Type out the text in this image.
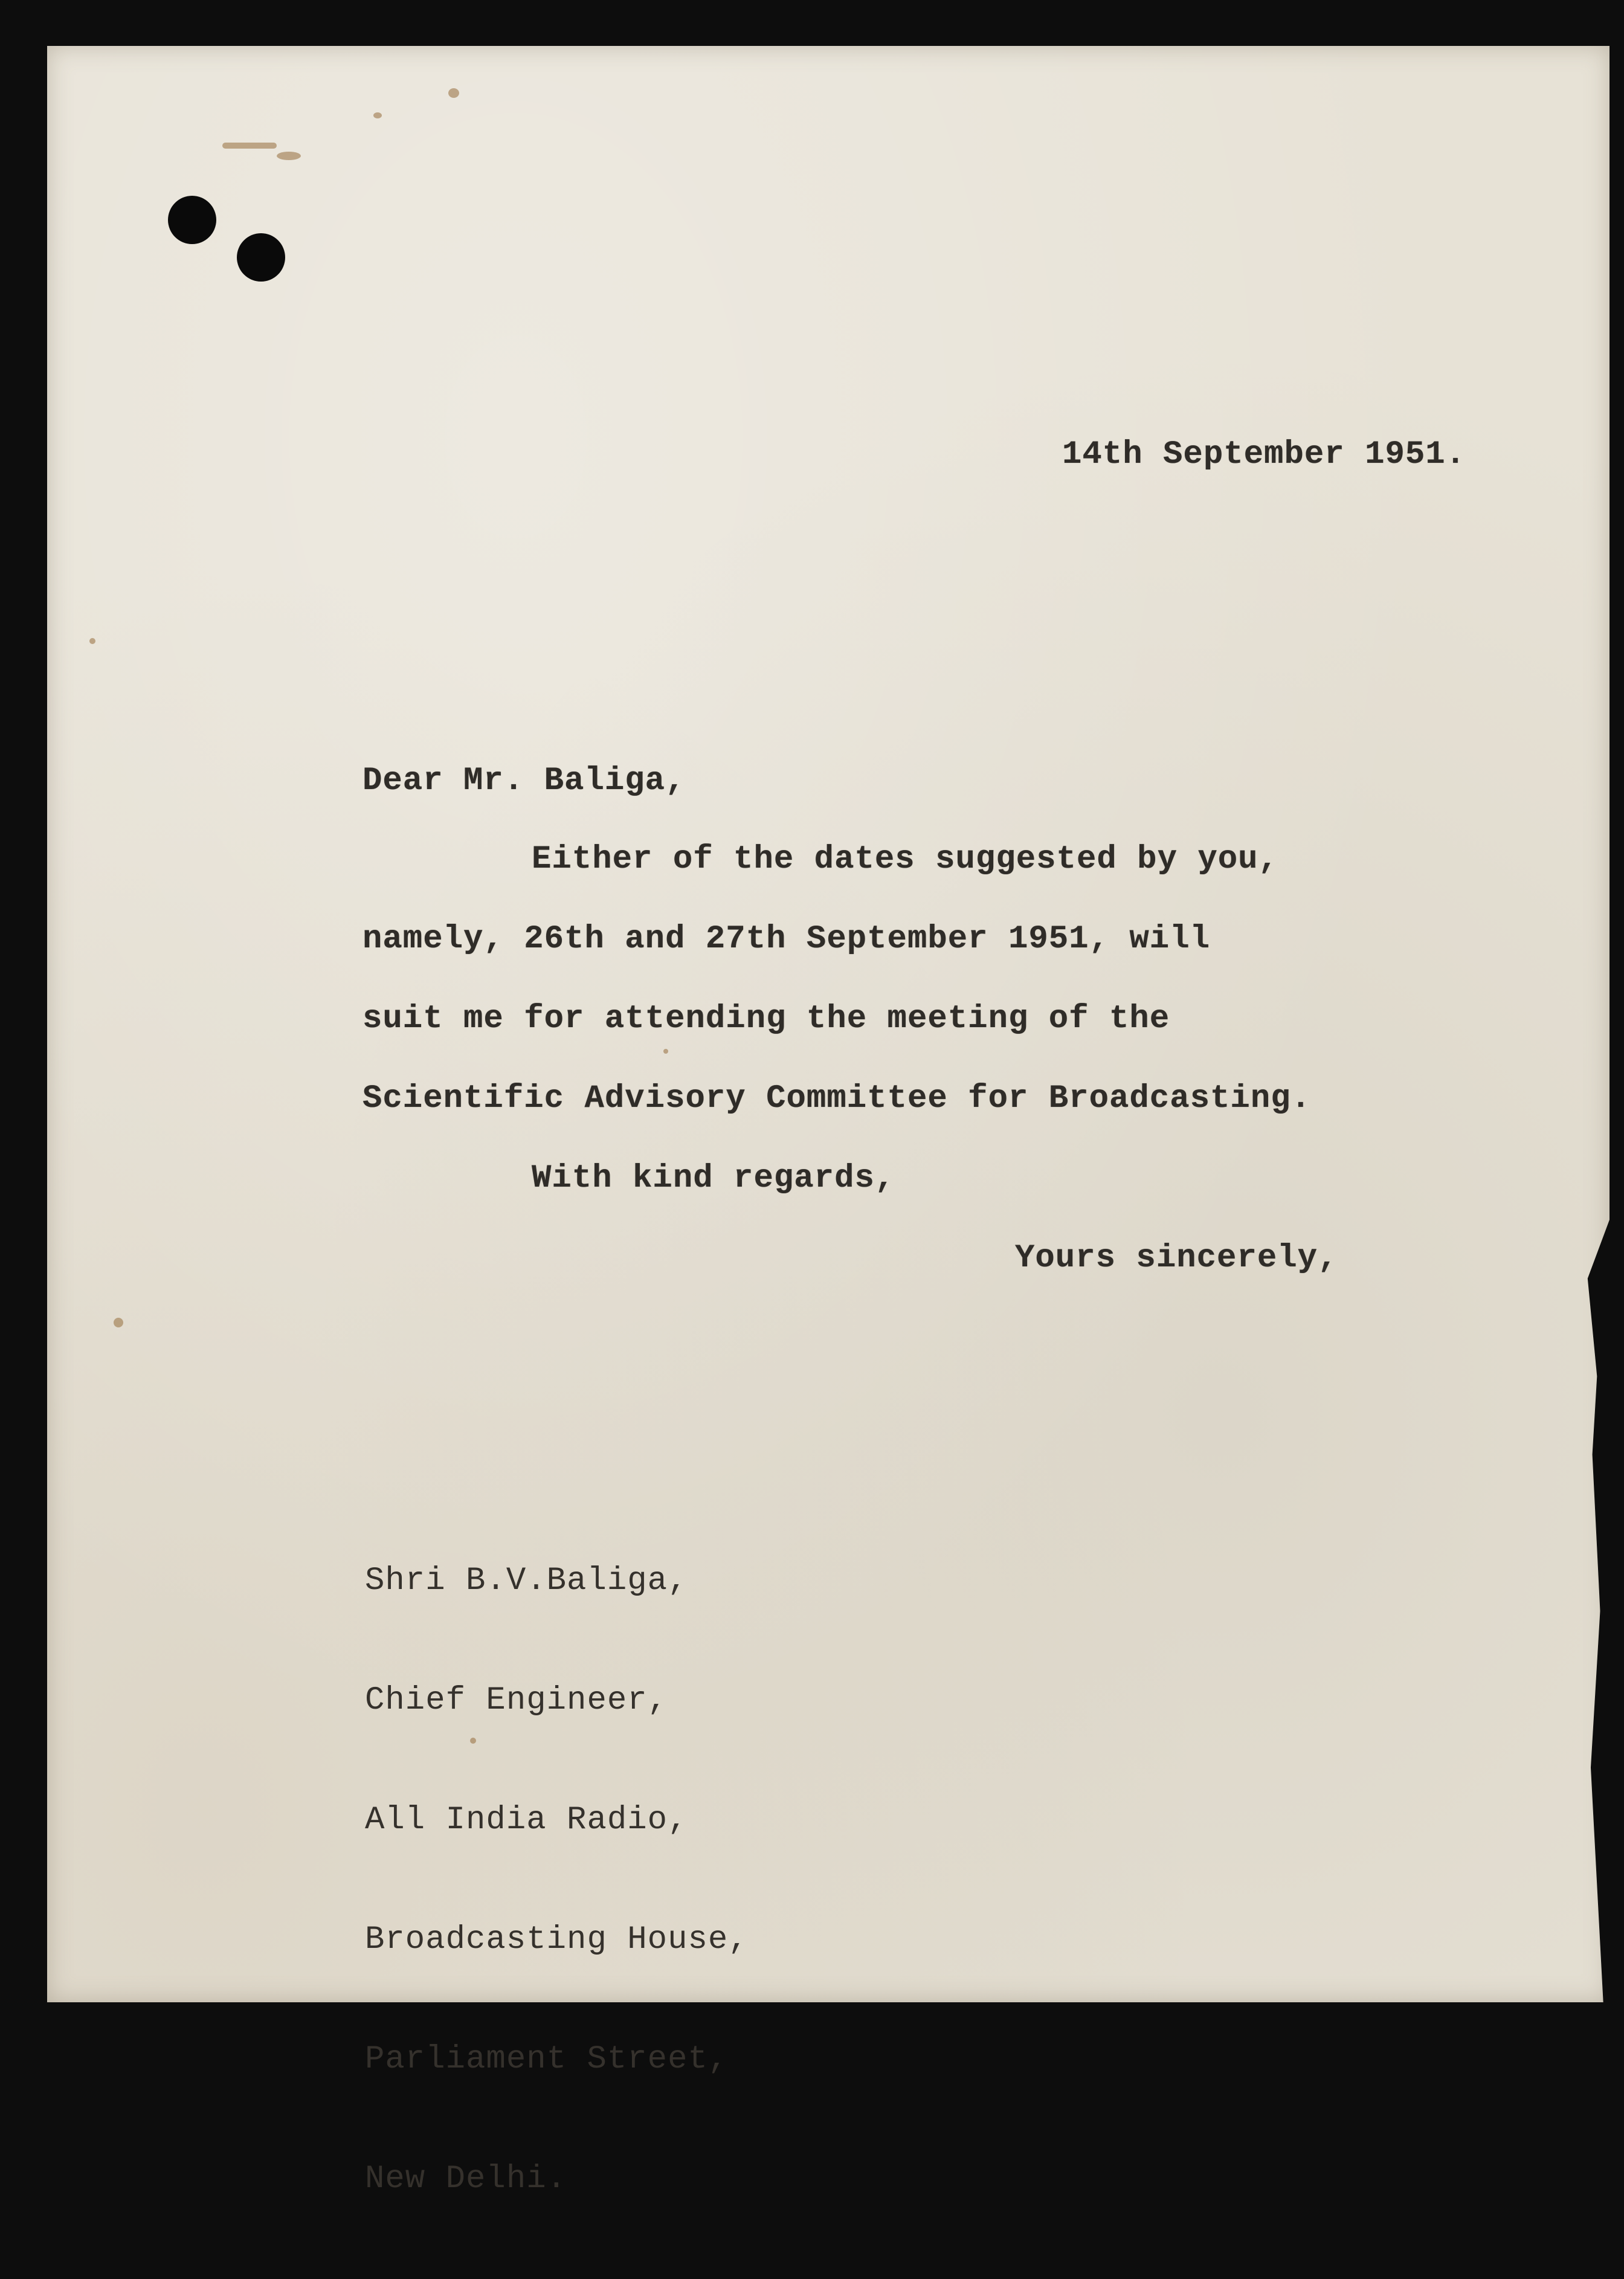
14th September 1951.
Dear Mr. Baliga,
Either of the dates suggested by you,
namely, 26th and 27th September 1951, will
suit me for attending the meeting of the
Scientific Advisory Committee for Broadcasting.
With kind regards,
Yours sincerely,

Shri B.V.Baliga,

Chief Engineer,

All India Radio,

Broadcasting House,

Parliament Street,

New Delhi.
